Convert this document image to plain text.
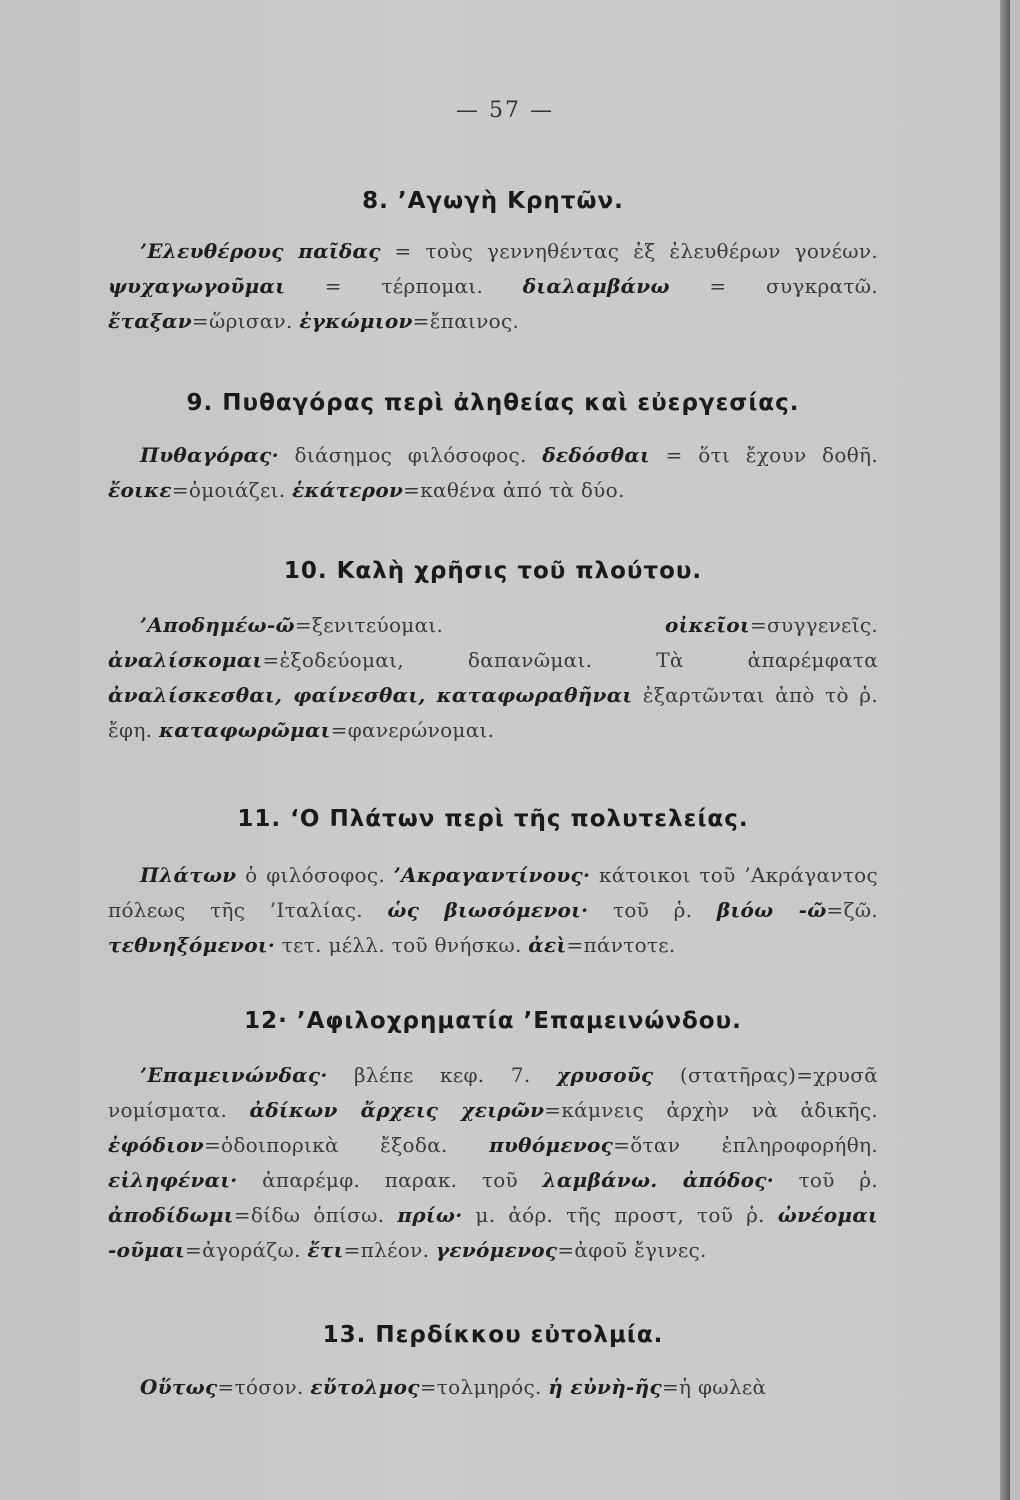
— 57 —
8. ’Αγωγὴ Κρητῶν.

’Ελευθέρους παῖδας = τοὺς γεννηθέντας ἐξ ἐλευθέρων γονέων. ψυχαγωγοῦμαι = τέρπομαι. διαλαμβάνω = συγκρατῶ. ἔταξαν=ὥρισαν. ἐγκώμιον=ἔπαινος.

9. Πυθαγόρας περὶ ἀληθείας καὶ εὐεργεσίας.

Πυθαγόρας· διάσημος φιλόσοφος. δεδόσθαι = ὅτι ἔχουν δοθῆ. ἔοικε=ὁμοιάζει. ἑκάτερον=καθένα ἀπό τὰ δύο.

10. Καλὴ χρῆσις τοῦ πλούτου.

’Αποδημέω-ῶ=ξενιτεύομαι. οἰκεῖοι=συγγενεῖς. ἀναλίσκομαι=ἐξοδεύομαι, δαπανῶμαι. Τὰ ἀπαρέμφατα ἀναλίσκεσθαι, φαίνεσθαι, καταφωραθῆναι ἐξαρτῶνται ἀπὸ τὸ ῥ. ἔφη. καταφωρῶμαι=φανερώνομαι.

11. ‘Ο Πλάτων περὶ τῆς πολυτελείας.

Πλάτων ὁ φιλόσοφος. ’Ακραγαντίνους· κάτοικοι τοῦ ’Ακράγαντος πόλεως τῆς ’Ιταλίας. ὡς βιωσόμενοι· τοῦ ῥ. βιόω -ῶ=ζῶ. τεθνηξόμενοι· τετ. μέλλ. τοῦ θνήσκω. ἀεὶ=πάντοτε.

12· ’Αφιλοχρηματία ’Επαμεινώνδου.

’Επαμεινώνδας· βλέπε κεφ. 7. χρυσοῦς (στατῆρας)=χρυσᾶ νομίσματα. ἀδίκων ἄρχεις χειρῶν=κάμνεις ἀρχὴν νὰ ἀδικῆς. ἐφόδιον=ὁδοιπορικὰ ἔξοδα. πυθόμενος=ὅταν ἐπληροφορήθη. εἰληφέναι· ἀπαρέμφ. παρακ. τοῦ λαμβάνω. ἀπόδος· τοῦ ῥ. ἀποδίδωμι=δίδω ὀπίσω. πρίω· μ. ἀόρ. τῆς προστ, τοῦ ῥ. ὠνέομαι -οῦμαι=ἀγοράζω. ἔτι=πλέον. γενόμενος=ἀφοῦ ἔγινες.

13. Περδίκκου εὐτολμία.

Οὕτως=τόσον. εὔτολμος=τολμηρός. ἡ εὐνὴ-ῆς=ἡ φωλεὰ
